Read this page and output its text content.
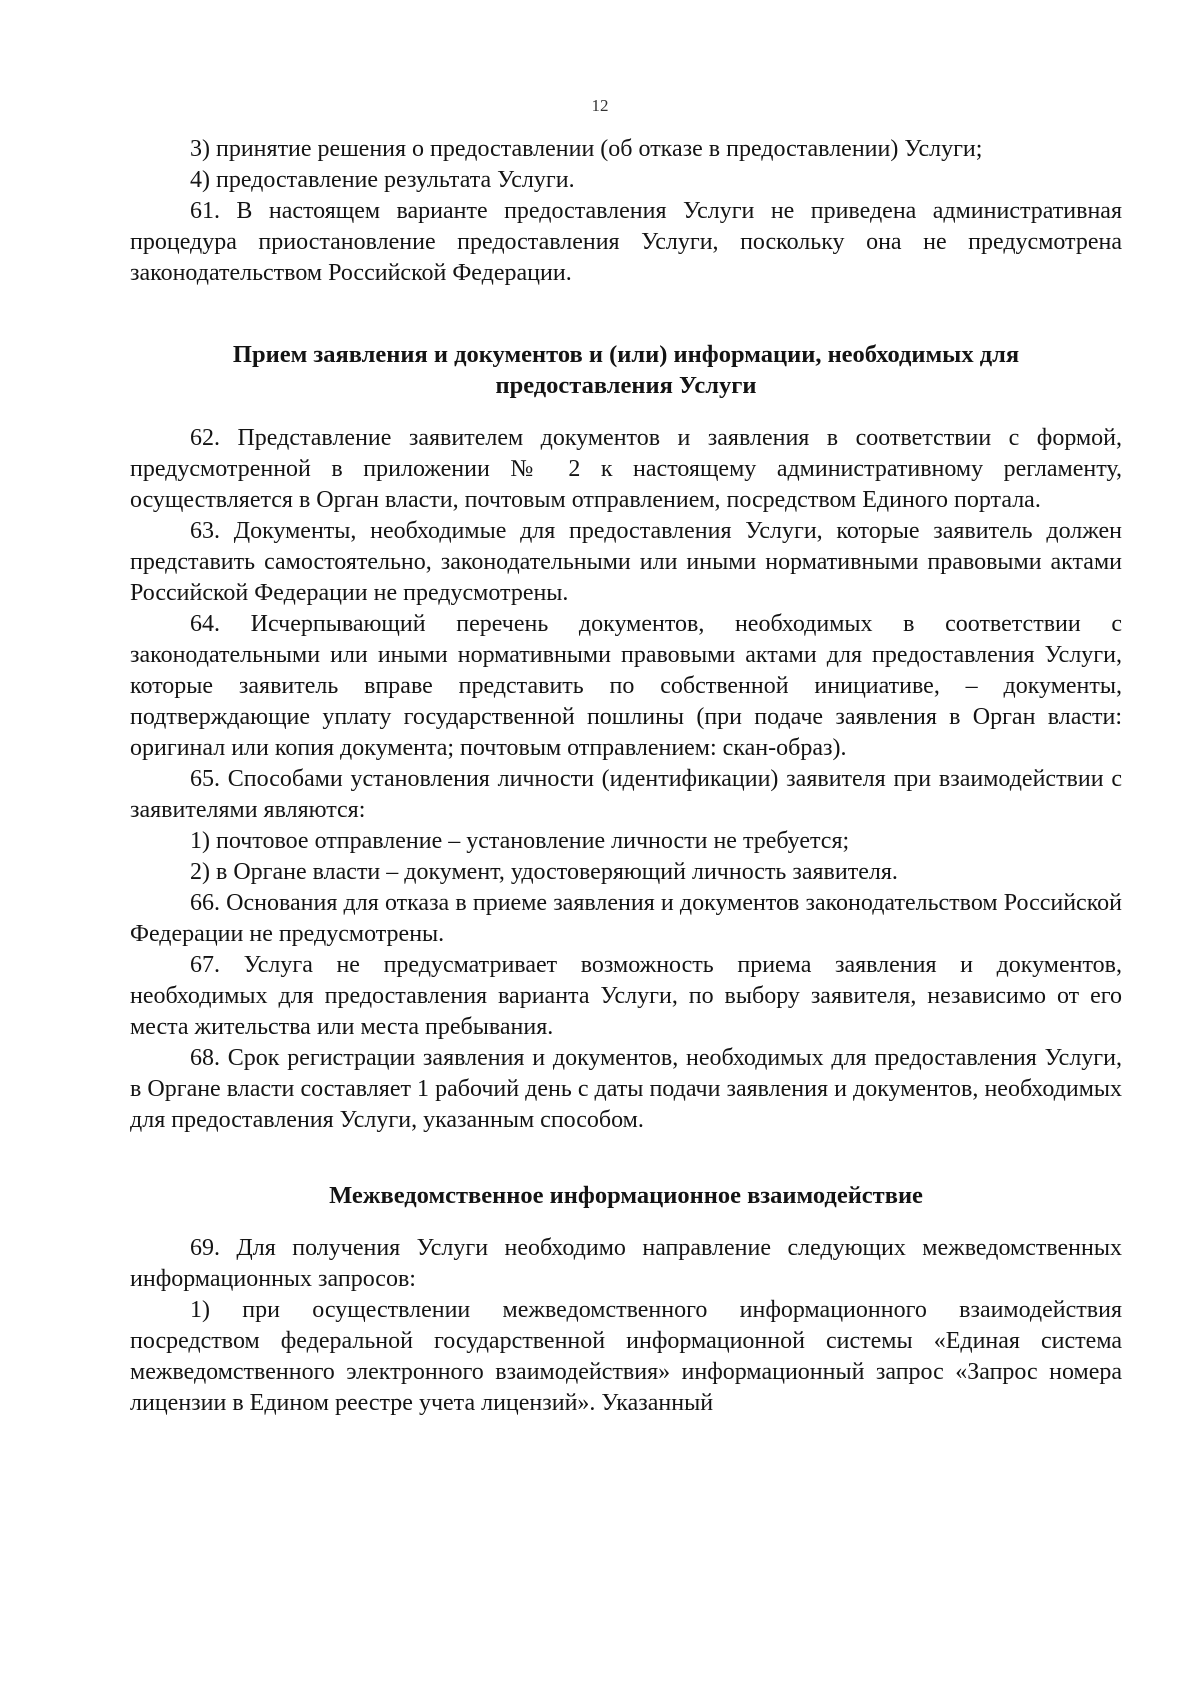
12

3) принятие решения о предоставлении (об отказе в предоставлении) Услуги;

4) предоставление результата Услуги.

61. В настоящем варианте предоставления Услуги не приведена административная процедура приостановление предоставления Услуги, поскольку она не предусмотрена законодательством Российской Федерации.

Прием заявления и документов и (или) информации, необходимых для предоставления Услуги

62. Представление заявителем документов и заявления в соответствии с формой, предусмотренной в приложении № 2 к настоящему административному регламенту, осуществляется в Орган власти, почтовым отправлением, посредством Единого портала.

63. Документы, необходимые для предоставления Услуги, которые заявитель должен представить самостоятельно, законодательными или иными нормативными правовыми актами Российской Федерации не предусмотрены.

64. Исчерпывающий перечень документов, необходимых в соответствии с законодательными или иными нормативными правовыми актами для предоставления Услуги, которые заявитель вправе представить по собственной инициативе, – документы, подтверждающие уплату государственной пошлины (при подаче заявления в Орган власти: оригинал или копия документа; почтовым отправлением: скан-образ).

65. Способами установления личности (идентификации) заявителя при взаимодействии с заявителями являются:

1) почтовое отправление – установление личности не требуется;

2) в Органе власти – документ, удостоверяющий личность заявителя.

66. Основания для отказа в приеме заявления и документов законодательством Российской Федерации не предусмотрены.

67. Услуга не предусматривает возможность приема заявления и документов, необходимых для предоставления варианта Услуги, по выбору заявителя, независимо от его места жительства или места пребывания.

68. Срок регистрации заявления и документов, необходимых для предоставления Услуги, в Органе власти составляет 1 рабочий день с даты подачи заявления и документов, необходимых для предоставления Услуги, указанным способом.

Межведомственное информационное взаимодействие

69. Для получения Услуги необходимо направление следующих межведомственных информационных запросов:

1) при осуществлении межведомственного информационного взаимодействия посредством федеральной государственной информационной системы «Единая система межведомственного электронного взаимодействия» информационный запрос «Запрос номера лицензии в Едином реестре учета лицензий». Указанный
